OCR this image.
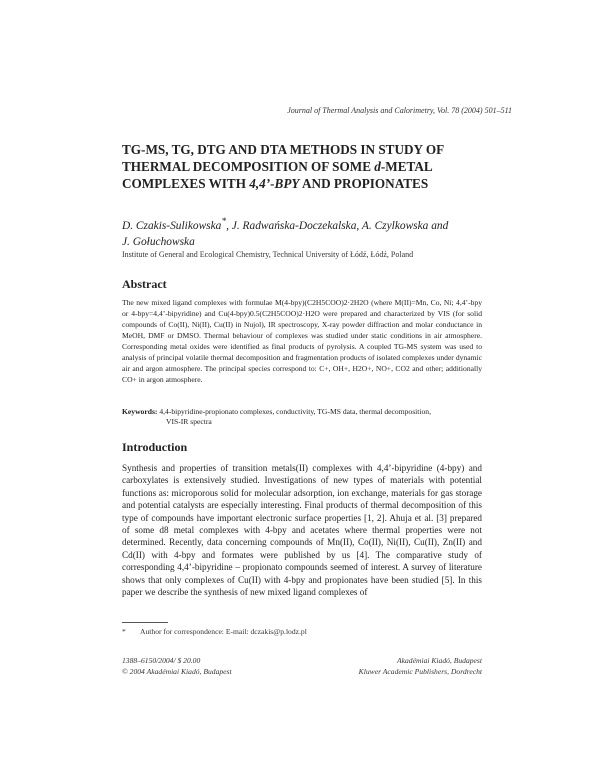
Journal of Thermal Analysis and Calorimetry, Vol. 78 (2004) 501–511
TG-MS, TG, DTG AND DTA METHODS IN STUDY OF
THERMAL DECOMPOSITION OF SOME d-METAL
COMPLEXES WITH 4,4’-BPY AND PROPIONATES
D. Czakis-Sulikowska*, J. Radwańska-Doczekalska, A. Czylkowska and
J. Gołuchowska
Institute of General and Ecological Chemistry, Technical University of Łódź, Łódź, Poland
Abstract

The new mixed ligand complexes with formulae M(4-bpy)(C2H5COO)2·2H2O (where M(II)=Mn, Co, Ni; 4,4’-bpy or 4-bpy=4,4’-bipyridine) and Cu(4-bpy)0.5(C2H5COO)2·H2O were prepared and characterized by VIS (for solid compounds of Co(II), Ni(II), Cu(II) in Nujol), IR spectroscopy, X-ray powder diffraction and molar conductance in MeOH, DMF or DMSO. Thermal behaviour of complexes was studied under static conditions in air atmosphere. Corresponding metal oxides were identified as final products of pyrolysis. A coupled TG-MS system was used to analysis of principal volatile thermal decomposition and fragmentation products of isolated complexes under dynamic air and argon atmosphere. The principal species correspond to: C+, OH+, H2O+, NO+, CO2 and other; additionally CO+ in argon atmosphere.

Keywords: 4,4-bipyridine-propionato complexes, conductivity, TG-MS data, thermal decomposition,
VIS-IR spectra
Introduction

Synthesis and properties of transition metals(II) complexes with 4,4’-bipyridine (4-bpy) and carboxylates is extensively studied. Investigations of new types of materials with potential functions as: microporous solid for molecular adsorption, ion exchange, materials for gas storage and potential catalysts are especially interesting. Final products of thermal decomposition of this type of compounds have important electronic surface properties [1, 2]. Ahuja et al. [3] prepared of some d8 metal complexes with 4-bpy and acetates where thermal properties were not determined. Recently, data concerning compounds of Mn(II), Co(II), Ni(II), Cu(II), Zn(II) and Cd(II) with 4-bpy and formates were published by us [4]. The comparative study of corresponding 4,4’-bipyridine – propionato compounds seemed of interest. A survey of literature shows that only complexes of Cu(II) with 4-bpy and propionates have been studied [5]. In this paper we describe the synthesis of new mixed ligand complexes of

* Author for correspondence: E-mail: dczakis@p.lodz.pl
1388–6150/2004/ $ 20.00
© 2004 Akadémiai Kiadó, Budapest
Akadémiai Kiadó, Budapest
Kluwer Academic Publishers, Dordrecht
